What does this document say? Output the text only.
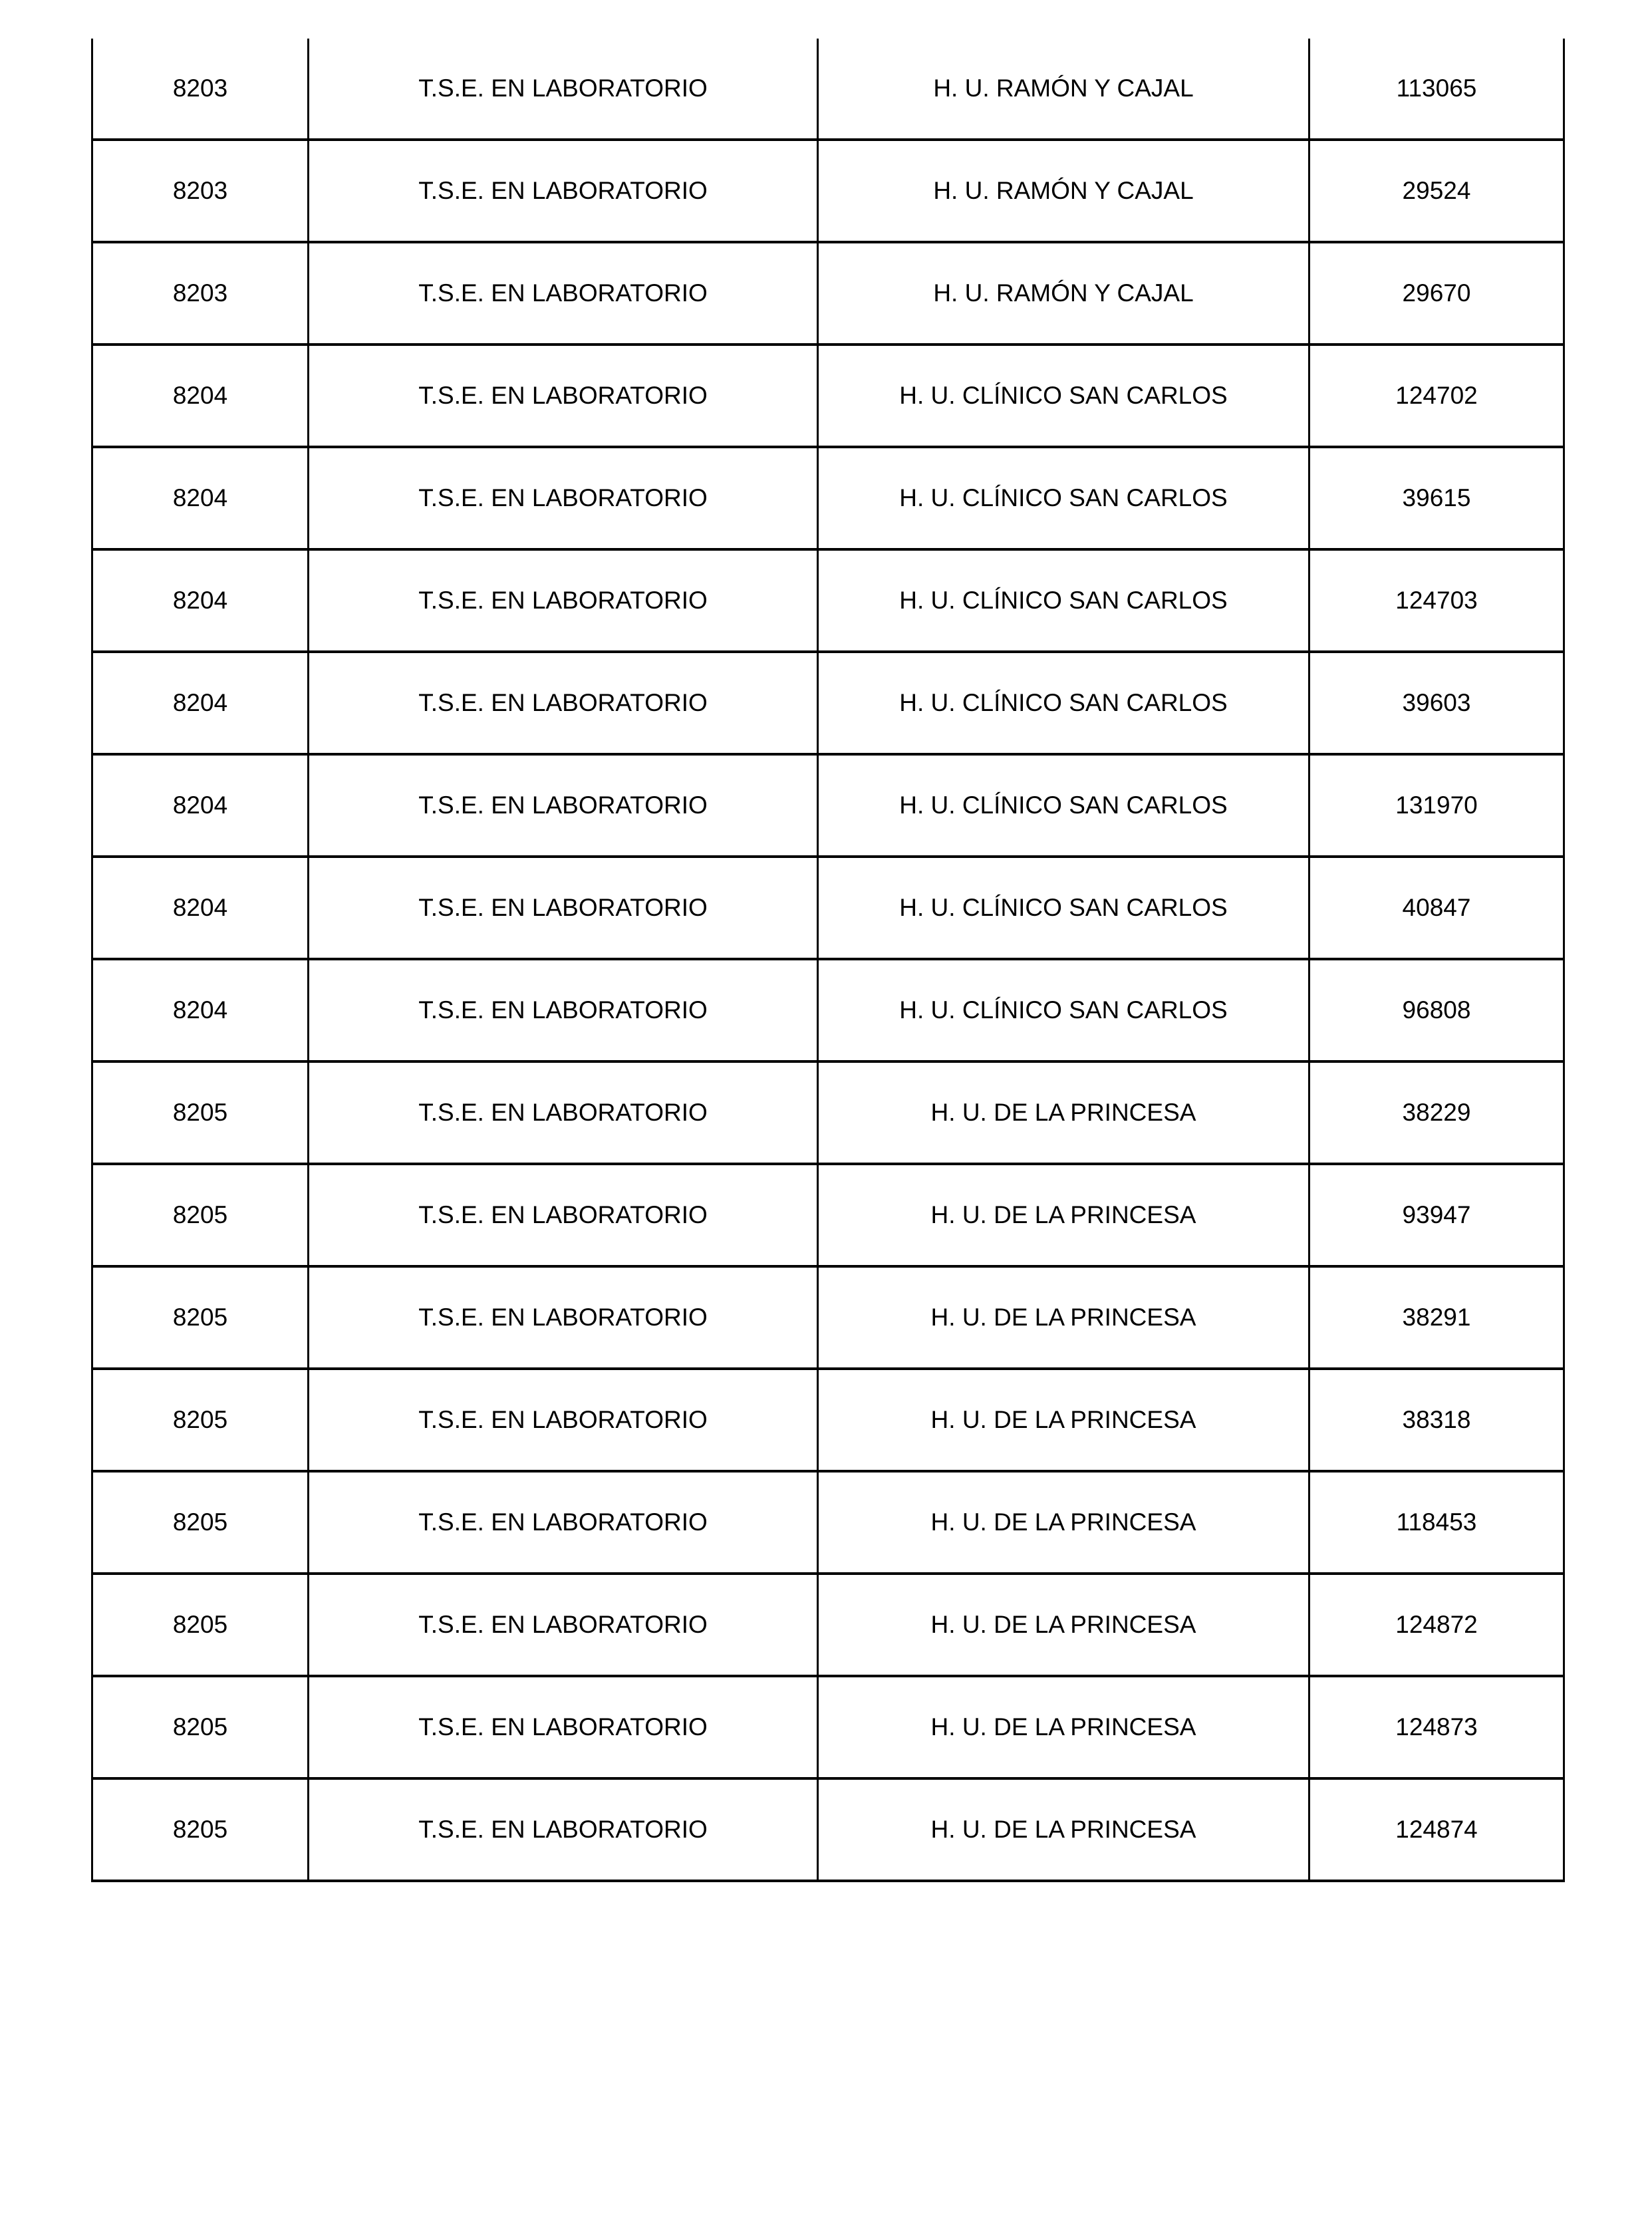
8203	T.S.E. EN LABORATORIO	H. U. RAMÓN Y CAJAL	113065
8203	T.S.E. EN LABORATORIO	H. U. RAMÓN Y CAJAL	29524
8203	T.S.E. EN LABORATORIO	H. U. RAMÓN Y CAJAL	29670
8204	T.S.E. EN LABORATORIO	H. U. CLÍNICO SAN CARLOS	124702
8204	T.S.E. EN LABORATORIO	H. U. CLÍNICO SAN CARLOS	39615
8204	T.S.E. EN LABORATORIO	H. U. CLÍNICO SAN CARLOS	124703
8204	T.S.E. EN LABORATORIO	H. U. CLÍNICO SAN CARLOS	39603
8204	T.S.E. EN LABORATORIO	H. U. CLÍNICO SAN CARLOS	131970
8204	T.S.E. EN LABORATORIO	H. U. CLÍNICO SAN CARLOS	40847
8204	T.S.E. EN LABORATORIO	H. U. CLÍNICO SAN CARLOS	96808
8205	T.S.E. EN LABORATORIO	H. U. DE LA PRINCESA	38229
8205	T.S.E. EN LABORATORIO	H. U. DE LA PRINCESA	93947
8205	T.S.E. EN LABORATORIO	H. U. DE LA PRINCESA	38291
8205	T.S.E. EN LABORATORIO	H. U. DE LA PRINCESA	38318
8205	T.S.E. EN LABORATORIO	H. U. DE LA PRINCESA	118453
8205	T.S.E. EN LABORATORIO	H. U. DE LA PRINCESA	124872
8205	T.S.E. EN LABORATORIO	H. U. DE LA PRINCESA	124873
8205	T.S.E. EN LABORATORIO	H. U. DE LA PRINCESA	124874
